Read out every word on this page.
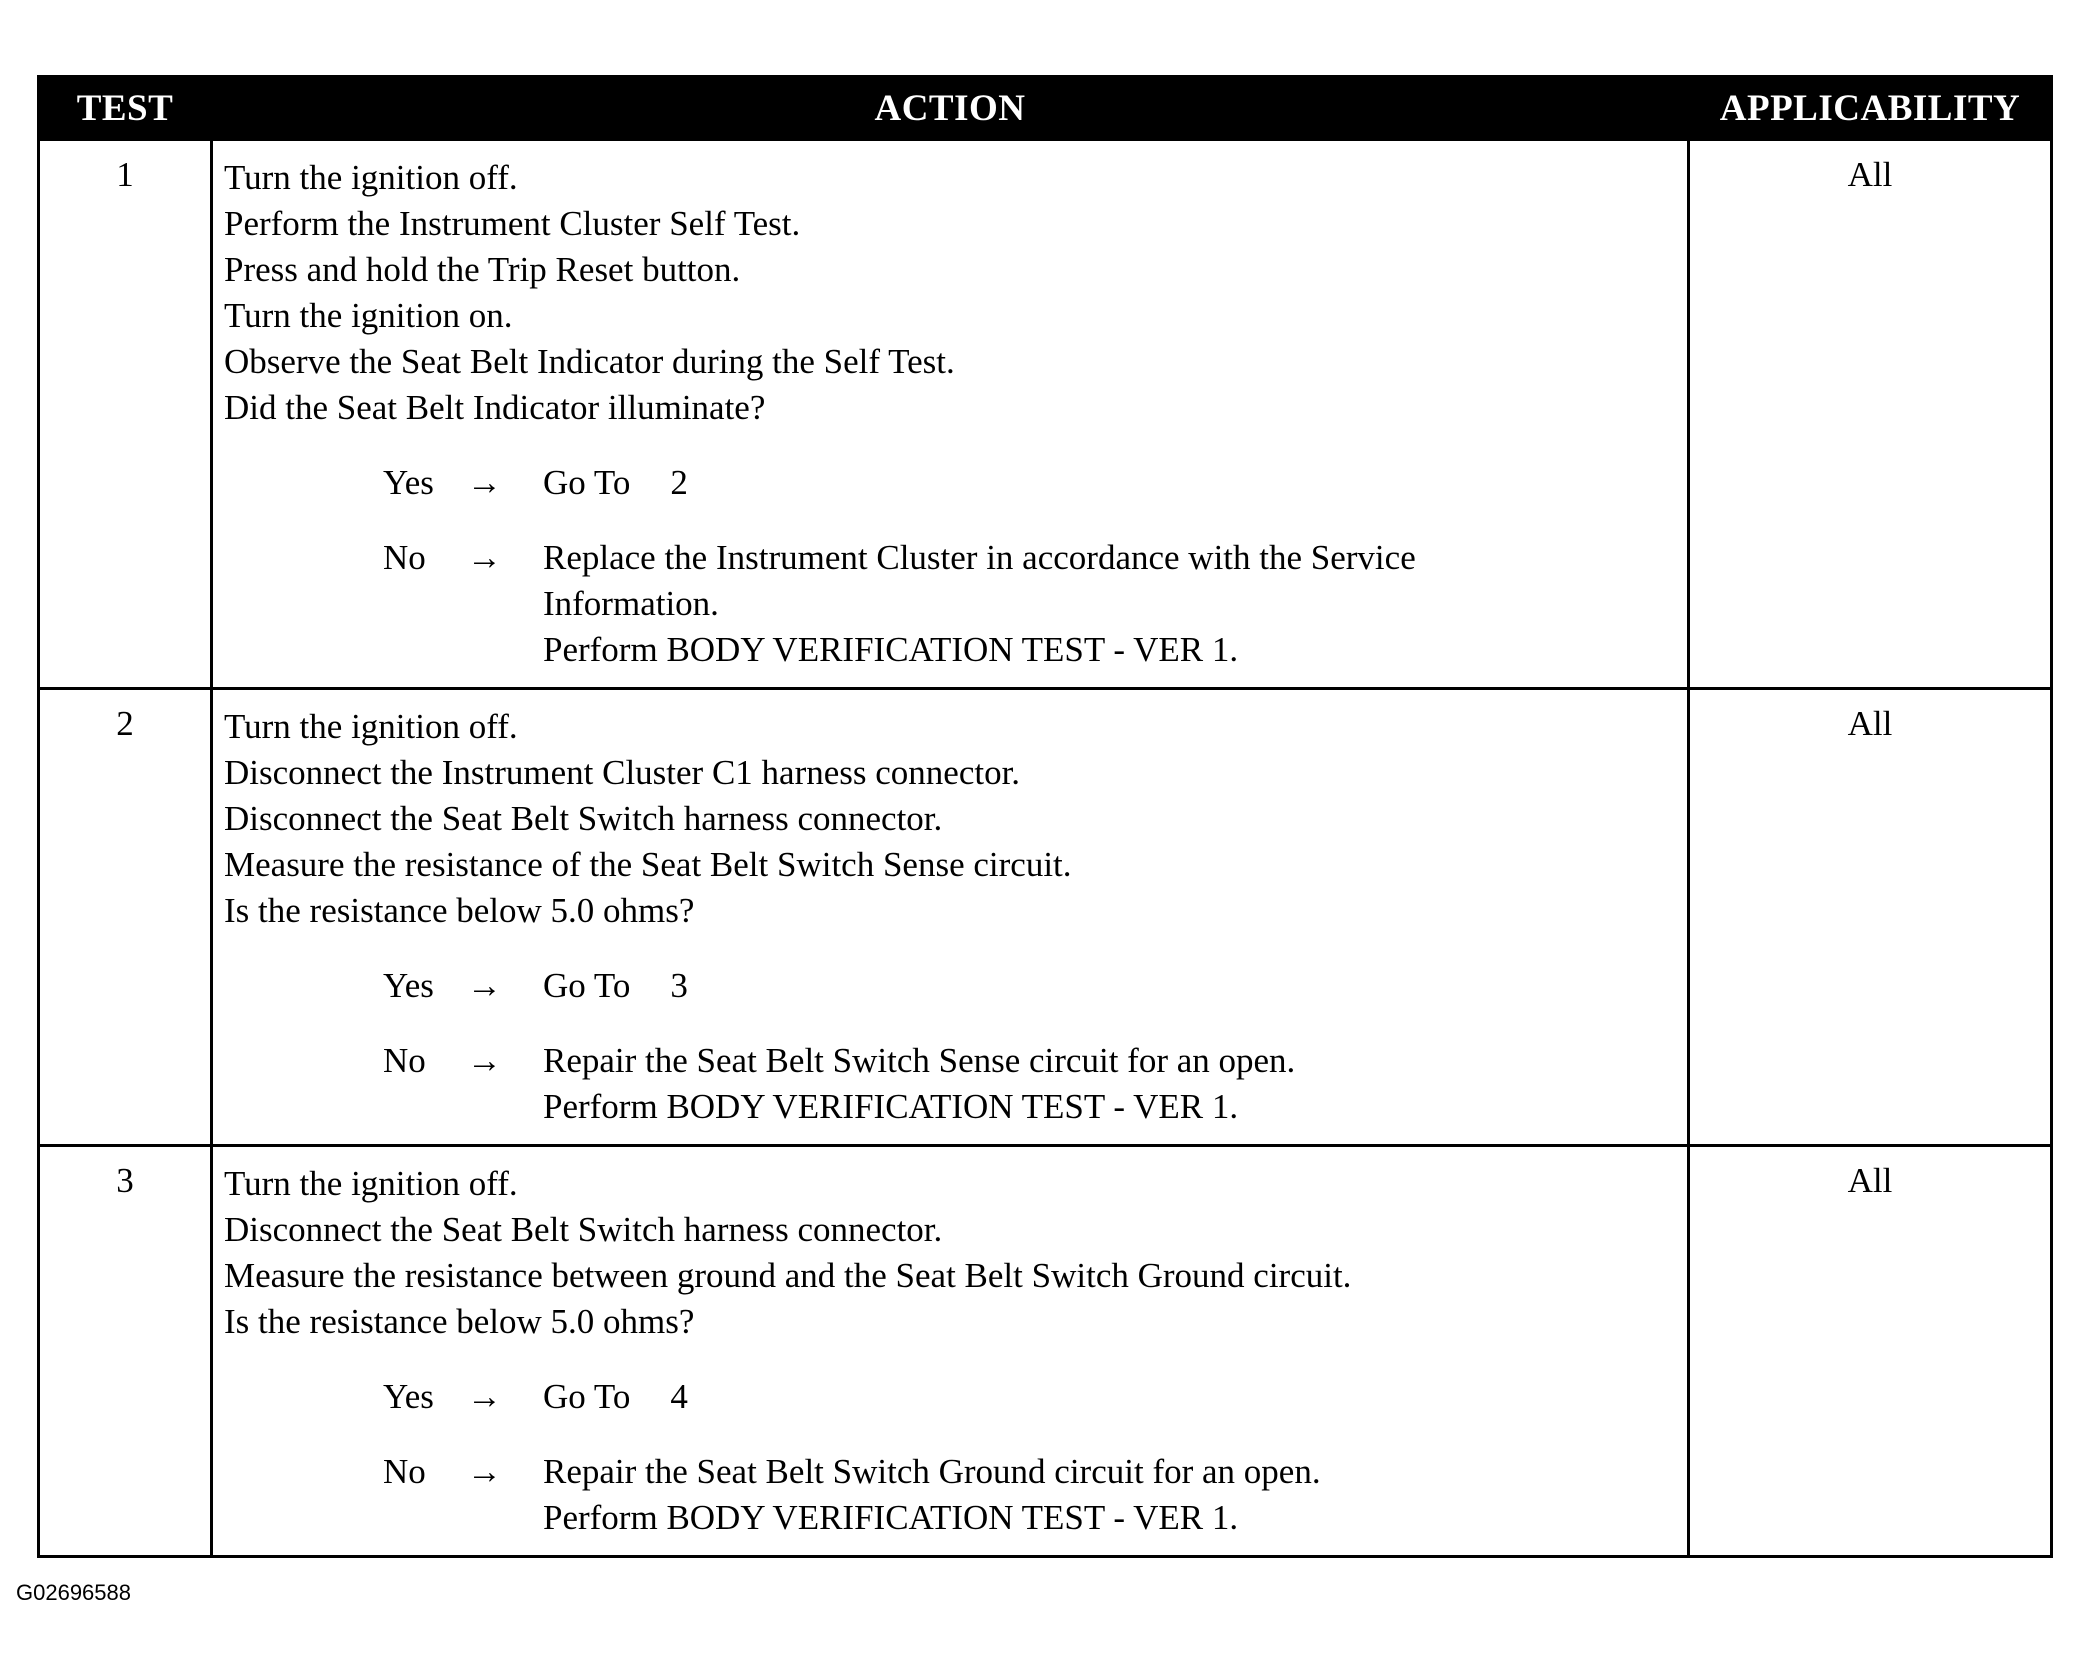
TEST	ACTION	APPLICABILITY
1	Turn the ignition off.
Perform the Instrument Cluster Self Test.
Press and hold the Trip Reset button.
Turn the ignition on.
Observe the Seat Belt Indicator during the Self Test.
Did the Seat Belt Indicator illuminate?
Yes →	Go To 2
No	→	Replace the Instrument Cluster in accordance with the Service
Information.
Perform BODY VERIFICATION TEST - VER 1.
All
2	Turn the ignition off.
Disconnect the Instrument Cluster C1 harness connector.
Disconnect the Seat Belt Switch harness connector.
Measure the resistance of the Seat Belt Switch Sense circuit.
Is the resistance below 5.0 ohms?
Yes →	Go To 3
No	→	Repair the Seat Belt Switch Sense circuit for an open.
Perform BODY VERIFICATION TEST - VER 1.
All
3	Turn the ignition off.
Disconnect the Seat Belt Switch harness connector.
Measure the resistance between ground and the Seat Belt Switch Ground circuit.
Is the resistance below 5.0 ohms?
Yes →	Go To 4
No	→	Repair the Seat Belt Switch Ground circuit for an open.
Perform BODY VERIFICATION TEST - VER 1.
All
G02696588
